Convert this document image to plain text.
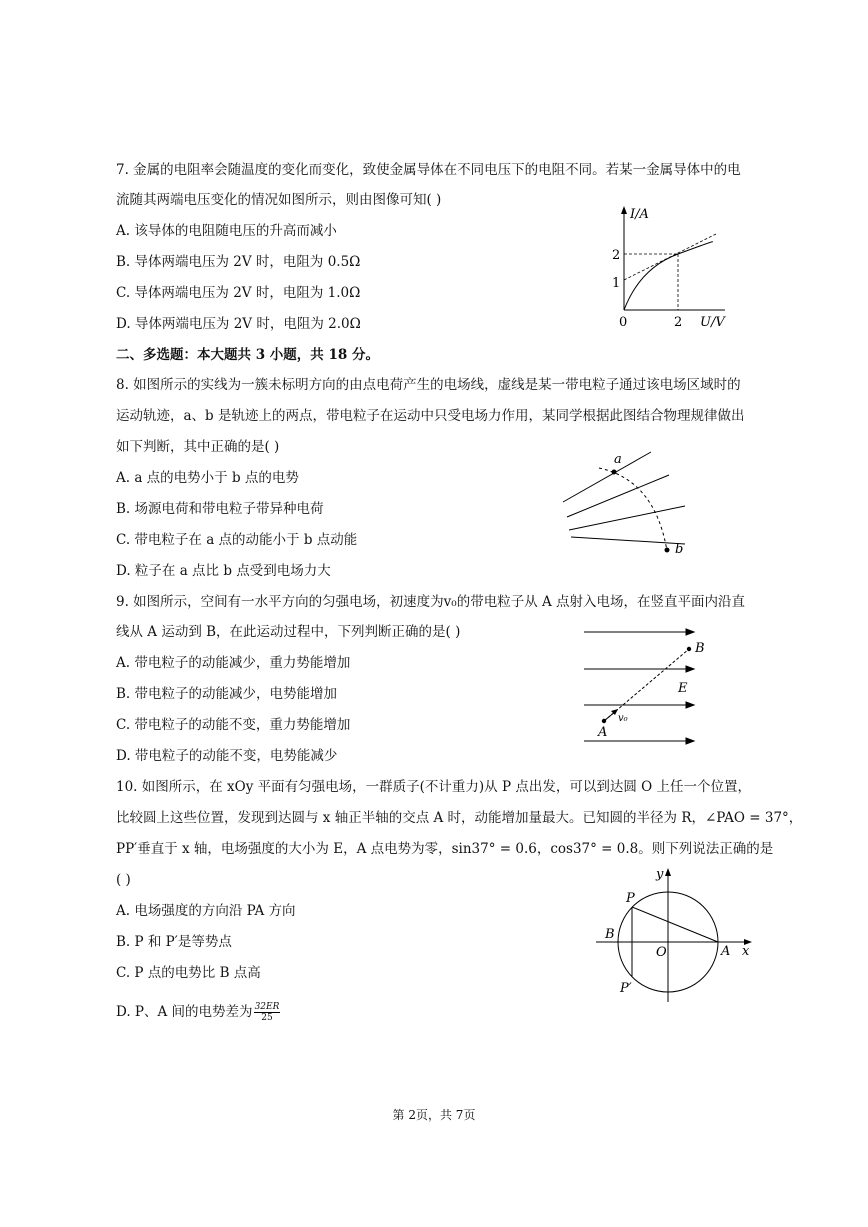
7. 金属的电阻率会随温度的变化而变化，致使金属导体在不同电压下的电阻不同。若某一金属导体中的电
流随其两端电压变化的情况如图所示，则由图像可知( )
A. 该导体的电阻随电压的升高而减小
B. 导体两端电压为 2V 时，电阻为 0.5Ω
C. 导体两端电压为 2V 时，电阻为 1.0Ω
D. 导体两端电压为 2V 时，电阻为 2.0Ω
I/A
U/V
0	2
1
2
二、多选题：本大题共 3 小题，共 18 分。
8. 如图所示的实线为一簇未标明方向的由点电荷产生的电场线，虚线是某一带电粒子通过该电场区域时的
运动轨迹，a、b 是轨迹上的两点，带电粒子在运动中只受电场力作用，某同学根据此图结合物理规律做出
如下判断，其中正确的是( )
A. a 点的电势小于 b 点的电势
B. 场源电荷和带电粒子带异种电荷
C. 带电粒子在 a 点的动能小于 b 点动能
D. 粒子在 a 点比 b 点受到电场力大
a
b
9. 如图所示，空间有一水平方向的匀强电场，初速度为v₀的带电粒子从 A 点射入电场，在竖直平面内沿直
线从 A 运动到 B，在此运动过程中，下列判断正确的是( )
A. 带电粒子的动能减少，重力势能增加
B. 带电粒子的动能减少，电势能增加
C. 带电粒子的动能不变，重力势能增加
D. 带电粒子的动能不变，电势能减少
B
E
A
v₀
10. 如图所示，在 xOy 平面有匀强电场，一群质子(不计重力)从 P 点出发，可以到达圆 O 上任一个位置，
比较圆上这些位置，发现到达圆与 x 轴正半轴的交点 A 时，动能增加量最大。已知圆的半径为 R，∠PAO = 37°，
PP′垂直于 x 轴，电场强度的大小为 E，A 点电势为零，sin37° = 0.6，cos37° = 0.8。则下列说法正确的是
( )
A. 电场强度的方向沿 PA 方向
B. P 和 P′是等势点
C. P 点的电势比 B 点高
D. P、A 间的电势差为 $\frac{32ER}{25}$
P
P′
B
O	A x
y
第 2页，共 7页
